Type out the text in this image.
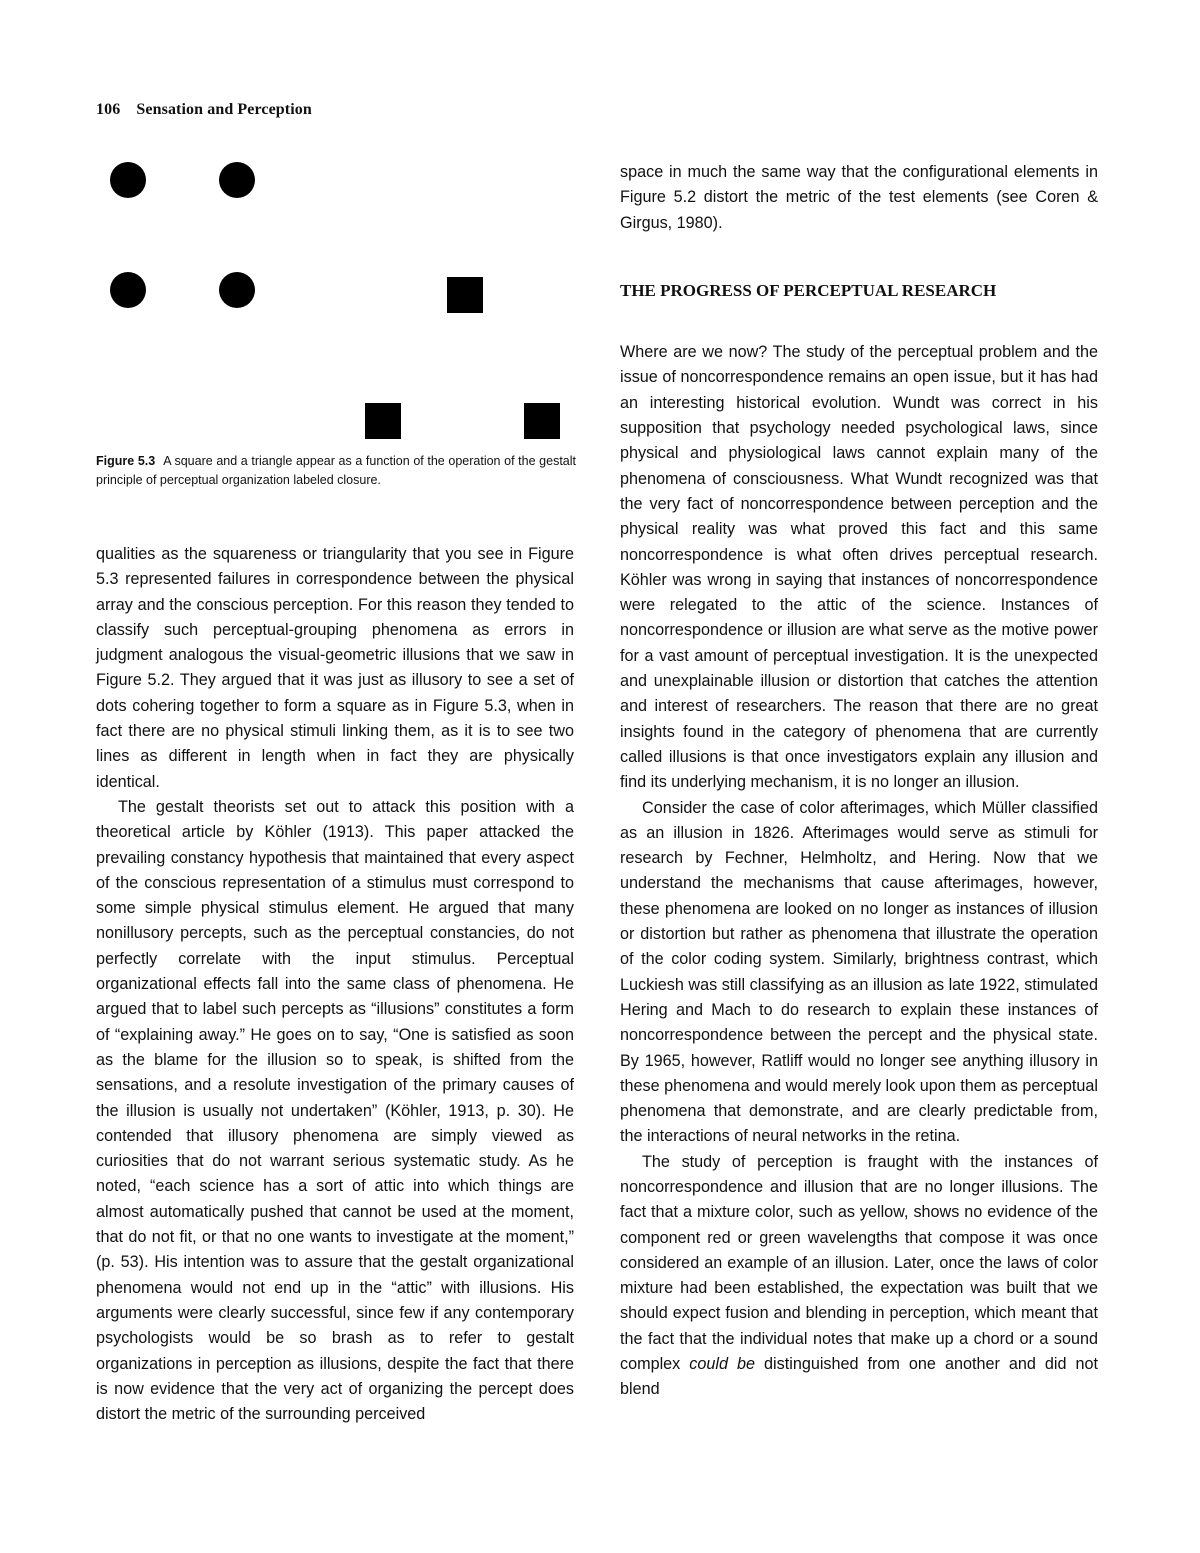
106 Sensation and Perception
Figure 5.3 A square and a triangle appear as a function of the operation of the gestalt principle of perceptual organization labeled closure.

qualities as the squareness or triangularity that you see in Figure 5.3 represented failures in correspondence between the physical array and the conscious perception. For this reason they tended to classify such perceptual-grouping phenomena as errors in judgment analogous the visual-geometric illusions that we saw in Figure 5.2. They argued that it was just as illusory to see a set of dots cohering together to form a square as in Figure 5.3, when in fact there are no physical stimuli linking them, as it is to see two lines as different in length when in fact they are physically identical.

The gestalt theorists set out to attack this position with a theoretical article by Köhler (1913). This paper attacked the prevailing constancy hypothesis that maintained that every aspect of the conscious representation of a stimulus must correspond to some simple physical stimulus element. He argued that many nonillusory percepts, such as the perceptual constancies, do not perfectly correlate with the input stimulus. Perceptual organizational effects fall into the same class of phenomena. He argued that to label such percepts as “illusions” constitutes a form of “explaining away.” He goes on to say, “One is satisfied as soon as the blame for the illusion so to speak, is shifted from the sensations, and a resolute investigation of the primary causes of the illusion is usually not undertaken” (Köhler, 1913, p. 30). He contended that illusory phenomena are simply viewed as curiosities that do not warrant serious systematic study. As he noted, “each science has a sort of attic into which things are almost automatically pushed that cannot be used at the moment, that do not fit, or that no one wants to investigate at the moment,” (p. 53). His intention was to assure that the gestalt organizational phenomena would not end up in the “attic” with illusions. His arguments were clearly successful, since few if any contemporary psychologists would be so brash as to refer to gestalt organizations in perception as illusions, despite the fact that there is now evidence that the very act of organizing the percept does distort the metric of the surrounding perceived

space in much the same way that the configurational elements in Figure 5.2 distort the metric of the test elements (see Coren & Girgus, 1980).

THE PROGRESS OF PERCEPTUAL RESEARCH

Where are we now? The study of the perceptual problem and the issue of noncorrespondence remains an open issue, but it has had an interesting historical evolution. Wundt was correct in his supposition that psychology needed psychological laws, since physical and physiological laws cannot explain many of the phenomena of consciousness. What Wundt recognized was that the very fact of noncorrespondence between perception and the physical reality was what proved this fact and this same noncorrespondence is what often drives perceptual research. Köhler was wrong in saying that instances of noncorrespondence were relegated to the attic of the science. Instances of noncorrespondence or illusion are what serve as the motive power for a vast amount of perceptual investigation. It is the unexpected and unexplainable illusion or distortion that catches the attention and interest of researchers. The reason that there are no great insights found in the category of phenomena that are currently called illusions is that once investigators explain any illusion and find its underlying mechanism, it is no longer an illusion.

Consider the case of color afterimages, which Müller classified as an illusion in 1826. Afterimages would serve as stimuli for research by Fechner, Helmholtz, and Hering. Now that we understand the mechanisms that cause afterimages, however, these phenomena are looked on no longer as instances of illusion or distortion but rather as phenomena that illustrate the operation of the color coding system. Similarly, brightness contrast, which Luckiesh was still classifying as an illusion as late 1922, stimulated Hering and Mach to do research to explain these instances of noncorrespondence between the percept and the physical state. By 1965, however, Ratliff would no longer see anything illusory in these phenomena and would merely look upon them as perceptual phenomena that demonstrate, and are clearly predictable from, the interactions of neural networks in the retina.

The study of perception is fraught with the instances of noncorrespondence and illusion that are no longer illusions. The fact that a mixture color, such as yellow, shows no evidence of the component red or green wavelengths that compose it was once considered an example of an illusion. Later, once the laws of color mixture had been established, the expectation was built that we should expect fusion and blending in perception, which meant that the fact that the individual notes that make up a chord or a sound complex could be distinguished from one another and did not blend
